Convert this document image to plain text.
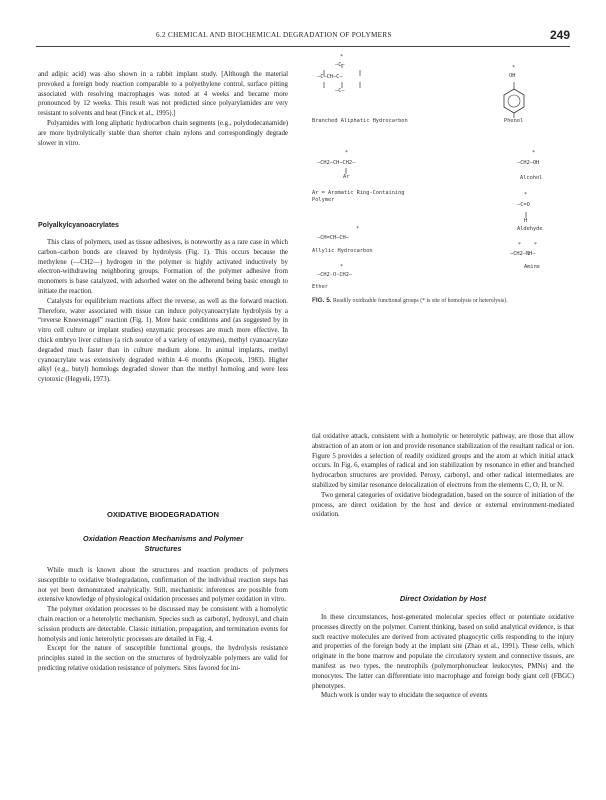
6.2 CHEMICAL AND BIOCHEMICAL DEGRADATION OF POLYMERS	249

and adipic acid) was also shown in a rabbit implant study. [Although the material provoked a foreign body reaction comparable to a polyethylene control, surface pitting associated with resolving macrophages was noted at 4 weeks and became more pronounced by 12 weeks. This result was not predicted since polyarylamides are very resistant to solvents and heat (Finck et al., 1995).]

Polyamides with long aliphatic hydrocarbon chain segments (e.g., polydodecanamide) are more hydrolytically stable than shorter chain nylons and correspondingly degrade slower in vitro.

Polyalkylcyanoacrylates

This class of polymers, used as tissue adhesives, is noteworthy as a rare case in which carbon–carbon bonds are cleaved by hydrolysis (Fig. 1). This occurs because the methylene (—CH2—) hydrogen in the polymer is highly activated inductively by electron-withdrawing neighboring groups. Formation of the polymer adhesive from monomers is base catalyzed, with adsorbed water on the adherend being basic enough to initiate the reaction.

Catalysts for equilibrium reactions affect the reverse, as well as the forward reaction. Therefore, water associated with tissue can induce polycyanoacrylate hydrolysis by a “reverse Knoevenagel” reaction (Fig. 1). More basic conditions and (as suggested by in vitro cell culture or implant studies) enzymatic processes are much more effective. In chick embryo liver culture (a rich source of a variety of enzymes), methyl cyanoacrylate degraded much faster than in culture medium alone. In animal implants, methyl cyanoacrylate was extensively degraded within 4–6 months (Kopecek, 1983). Higher alkyl (e.g., butyl) homologs degraded slower than the methyl homolog and were less cytotoxic (Hegyeli, 1973).

OXIDATIVE BIODEGRADATION

Oxidation Reaction Mechanisms and Polymer Structures

While much is known about the structures and reaction products of polymers susceptible to oxidative biodegradation, confirmation of the individual reaction steps has not yet been demonstrated analytically. Still, mechanistic inferences are possible from extensive knowledge of physiological oxidation processes and polymer oxidation in vitro.

The polymer oxidation processes to be discussed may be consistent with a homolytic chain reaction or a heterolytic mechanism. Species such as carbonyl, hydroxyl, and chain scission products are detectable. Classic initiation, propagation, and termination events for homolysis and ionic heterolytic processes are detailed in Fig. 4.

Except for the nature of susceptible functional groups, the hydrolysis resistance principles stated in the section on the structures of hydrolyzable polymers are valid for predicting relative oxidation resistance of polymers. Sites favored for ini-

*
—C—
—C—CH—C—
—C—
Branched Aliphatic Hydrocarbon
*
OH
Phenol
*
—CH2—CH—CH2—
Ar
Ar = Aromatic Ring-Containing Polymer
*
—CH2—OH
Alcohol
*
—C=O
H
Aldehyde
*
—CH=CH—CH—
Allylic Hydrocarbon
* *
—CH2—NH—
Amine
*
—CH2-O-CH2—
Ether
FIG. 5. Readily oxidizable functional groups (* is site of homolysis or heterolysis).

tial oxidative attack, consistent with a homolytic or heterolytic pathway, are those that allow abstraction of an atom or ion and provide resonance stabilization of the resultant radical or ion. Figure 5 provides a selection of readily oxidized groups and the atom at which initial attack occurs. In Fig. 6, examples of radical and ion stabilization by resonance in ether and branched hydrocarbon structures are provided. Peroxy, carbonyl, and other radical intermediates are stabilized by similar resonance delocalization of electrons from the elements C, O, H, or N.

Two general categories of oxidative biodegradation, based on the source of initiation of the process, are direct oxidation by the host and device or external environment-mediated oxidation.

Direct Oxidation by Host

In these circumstances, host-generated molecular species effect or potentiate oxidative processes directly on the polymer. Current thinking, based on solid analytical evidence, is that such reactive molecules are derived from activated phagocytic cells responding to the injury and properties of the foreign body at the implant site (Zhao et al., 1991). These cells, which originate in the bone marrow and populate the circulatory system and connective tissues, are manifest as two types, the neutrophils (polymorphonuclear leukocytes, PMNs) and the monocytes. The latter can differentiate into macrophage and foreign body giant cell (FBGC) phenotypes.

Much work is under way to elucidate the sequence of events
